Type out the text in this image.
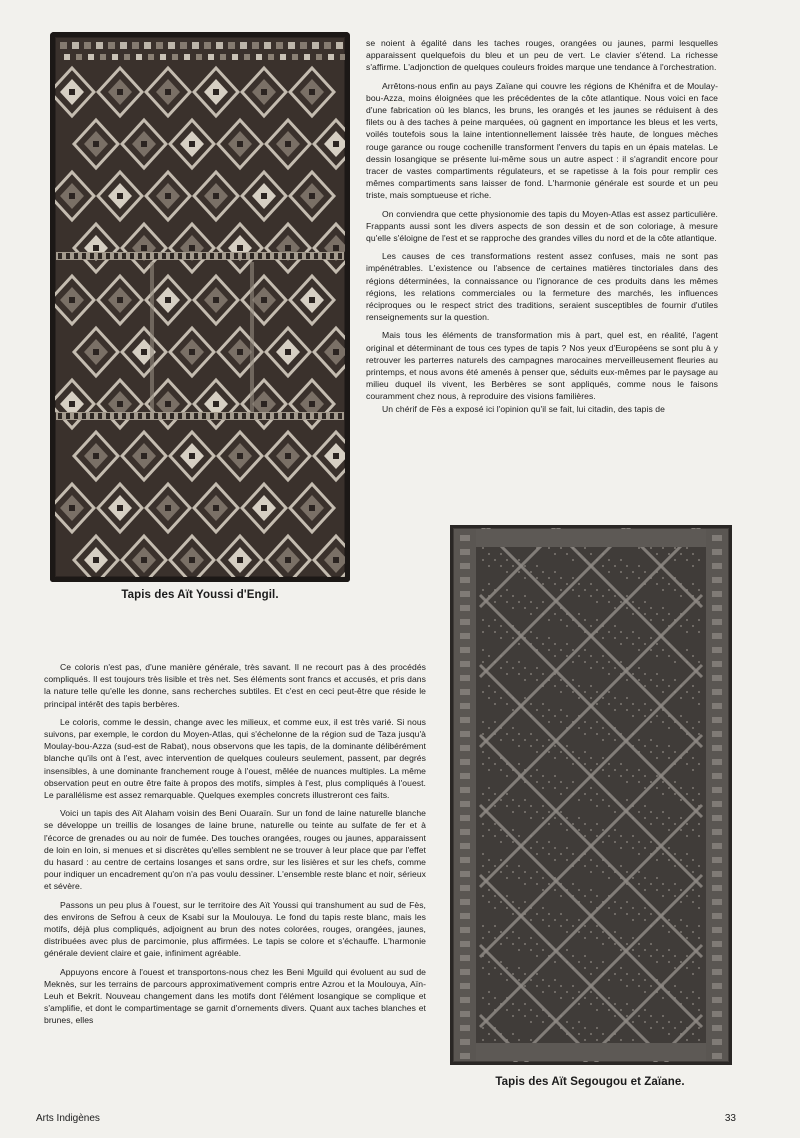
Tapis des Aït Youssi d'Engil.

se noient à égalité dans les taches rouges, orangées ou jaunes, parmi lesquelles apparaissent quelquefois du bleu et un peu de vert. Le clavier s'étend. La richesse s'affirme. L'adjonction de quelques couleurs froides marque une tendance à l'orchestration.

Arrêtons-nous enfin au pays Zaïane qui couvre les régions de Khénifra et de Moulay-bou-Azza, moins éloignées que les précédentes de la côte atlantique. Nous voici en face d'une fabrication où les blancs, les bruns, les orangés et les jaunes se réduisent à des filets ou à des taches à peine marquées, où gagnent en importance les bleus et les verts, voilés toutefois sous la laine intentionnellement laissée très haute, de longues mèches rouge garance ou rouge cochenille transforment l'envers du tapis en un épais matelas. Le dessin losangique se présente lui-même sous un autre aspect : il s'agrandit encore pour tracer de vastes compartiments régulateurs, et se rapetisse à la fois pour remplir ces mêmes compartiments sans laisser de fond. L'harmonie générale est sourde et un peu triste, mais somptueuse et riche.

On conviendra que cette physionomie des tapis du Moyen-Atlas est assez particulière. Frappants aussi sont les divers aspects de son dessin et de son coloriage, à mesure qu'elle s'éloigne de l'est et se rapproche des grandes villes du nord et de la côte atlantique.

Les causes de ces transformations restent assez confuses, mais ne sont pas impénétrables. L'existence ou l'absence de certaines matières tinctoriales dans des régions déterminées, la connaissance ou l'ignorance de ces produits dans les mêmes régions, les relations commerciales ou la fermeture des marchés, les influences réciproques ou le respect strict des traditions, seraient susceptibles de fournir d'utiles renseignements sur la question.

Mais tous les éléments de transformation mis à part, quel est, en réalité, l'agent original et déterminant de tous ces types de tapis ? Nos yeux d'Européens se sont plu à y retrouver les parterres naturels des campagnes marocaines merveilleusement fleuries au printemps, et nous avons été amenés à penser que, séduits eux-mêmes par le paysage au milieu duquel ils vivent, les Berbères se sont appliqués, comme nous le faisons couramment chez nous, à reproduire des visions familières.

Un chérif de Fès a exposé ici l'opinion qu'il se fait, lui citadin, des tapis de

Ce coloris n'est pas, d'une manière générale, très savant. Il ne recourt pas à des procédés compliqués. Il est toujours très lisible et très net. Ses éléments sont francs et accusés, et pris dans la nature telle qu'elle les donne, sans recherches subtiles. Et c'est en ceci peut-être que réside le principal intérêt des tapis berbères.

Le coloris, comme le dessin, change avec les milieux, et comme eux, il est très varié. Si nous suivons, par exemple, le cordon du Moyen-Atlas, qui s'échelonne de la région sud de Taza jusqu'à Moulay-bou-Azza (sud-est de Rabat), nous observons que les tapis, de la dominante délibérément blanche qu'ils ont à l'est, avec intervention de quelques couleurs seulement, passent, par degrés insensibles, à une dominante franchement rouge à l'ouest, mêlée de nuances multiples. La même observation peut en outre être faite à propos des motifs, simples à l'est, plus compliqués à l'ouest. Le parallélisme est assez remarquable. Quelques exemples concrets illustreront ces faits.

Voici un tapis des Aït Alaham voisin des Beni Ouaraïn. Sur un fond de laine naturelle blanche se développe un treillis de losanges de laine brune, naturelle ou teinte au sulfate de fer et à l'écorce de grenades ou au noir de fumée. Des touches orangées, rouges ou jaunes, apparaissent de loin en loin, si menues et si discrètes qu'elles semblent ne se trouver à leur place que par l'effet du hasard : au centre de certains losanges et sans ordre, sur les lisières et sur les chefs, comme pour indiquer un encadrement qu'on n'a pas voulu dessiner. L'ensemble reste blanc et noir, sérieux et sévère.

Passons un peu plus à l'ouest, sur le territoire des Aït Youssi qui transhument au sud de Fès, des environs de Sefrou à ceux de Ksabi sur la Moulouya. Le fond du tapis reste blanc, mais les motifs, déjà plus compliqués, adjoignent au brun des notes colorées, rouges, orangées, jaunes, distribuées avec plus de parcimonie, plus affirmées. Le tapis se colore et s'échauffe. L'harmonie générale devient claire et gaie, infiniment agréable.

Appuyons encore à l'ouest et transportons-nous chez les Beni Mguild qui évoluent au sud de Meknès, sur les terrains de parcours approximativement compris entre Azrou et la Moulouya, Aïn- Leuh et Bekrit. Nouveau changement dans les motifs dont l'élément losangique se complique et s'amplifie, et dont le compartimentage se garnit d'ornements divers. Quant aux taches blanches et brunes, elles

Tapis des Aït Segougou et Zaïane.
Arts Indigènes	33
